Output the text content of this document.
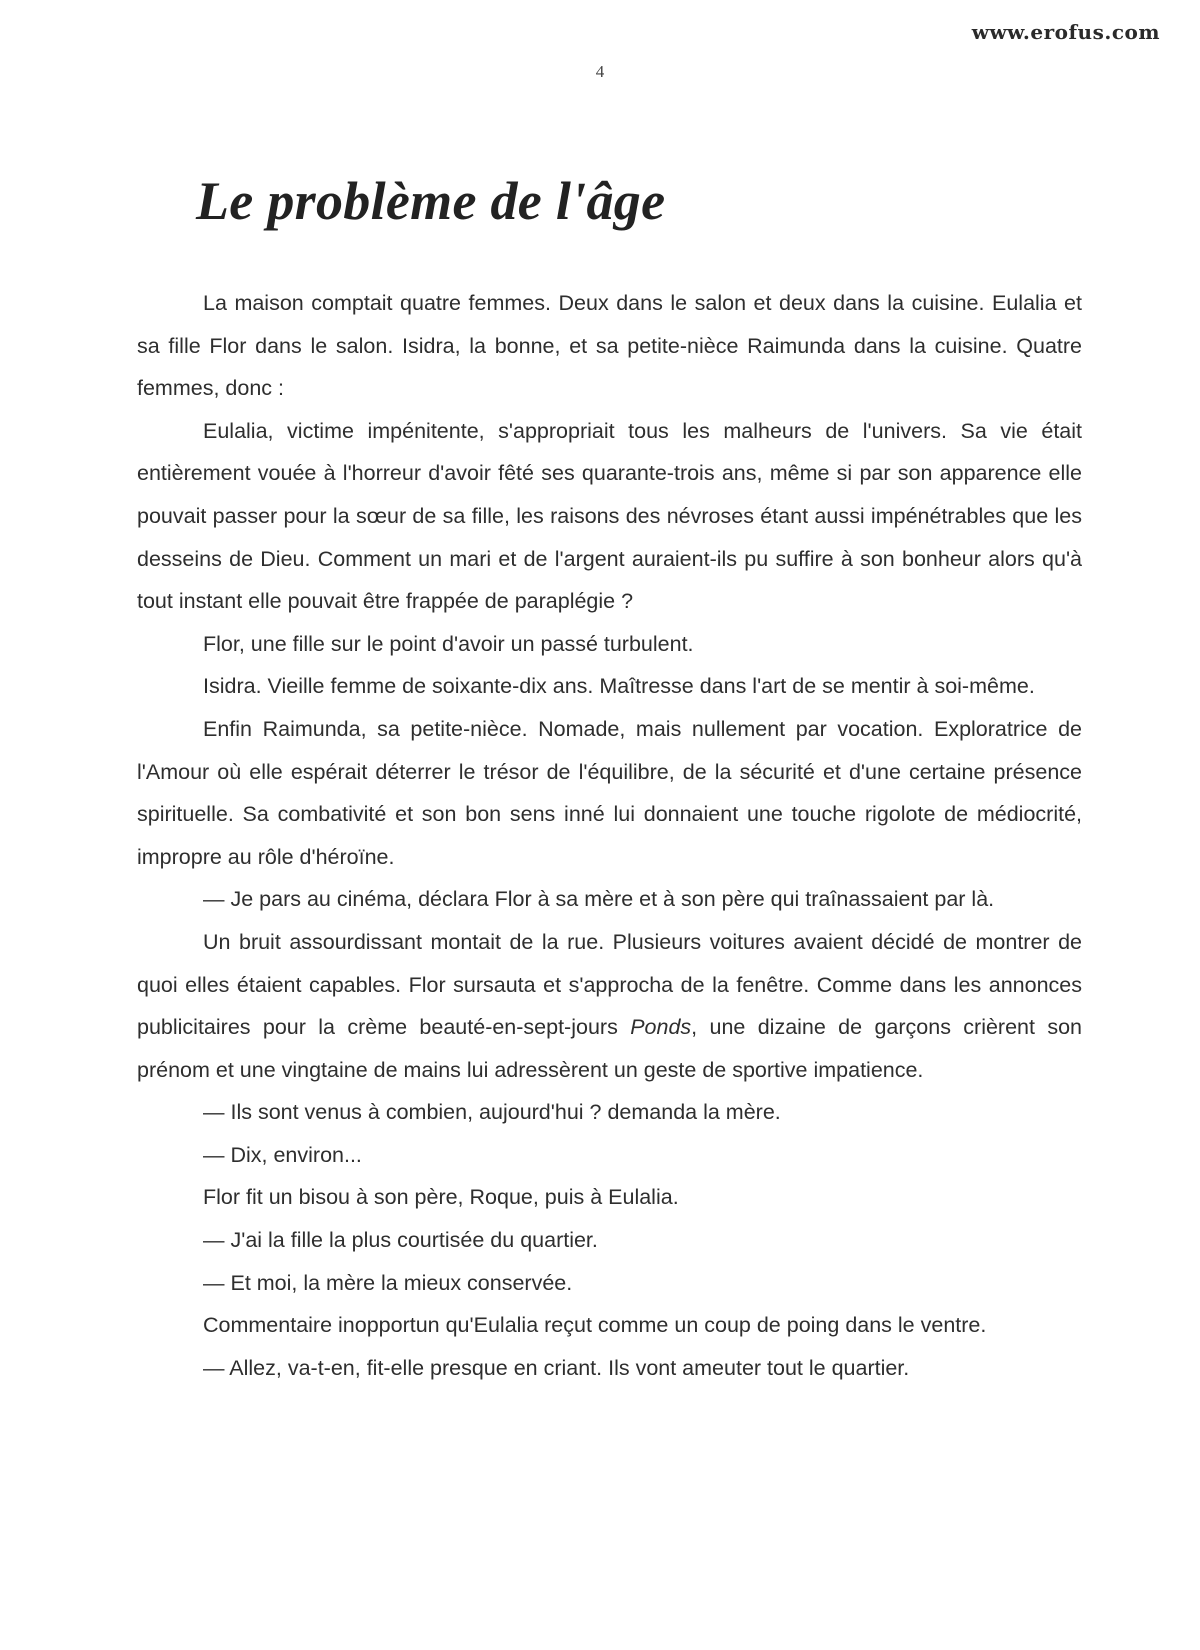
www.erofus.com
4
Le problème de l'âge

La maison comptait quatre femmes. Deux dans le salon et deux dans la cuisine. Eulalia et sa fille Flor dans le salon. Isidra, la bonne, et sa petite-nièce Raimunda dans la cuisine. Quatre femmes, donc :

Eulalia, victime impénitente, s'appropriait tous les malheurs de l'univers. Sa vie était entièrement vouée à l'horreur d'avoir fêté ses quarante-trois ans, même si par son apparence elle pouvait passer pour la sœur de sa fille, les raisons des névroses étant aussi impénétrables que les desseins de Dieu. Comment un mari et de l'argent auraient-ils pu suffire à son bonheur alors qu'à tout instant elle pouvait être frappée de paraplégie ?

Flor, une fille sur le point d'avoir un passé turbulent.

Isidra. Vieille femme de soixante-dix ans. Maîtresse dans l'art de se mentir à soi-même.

Enfin Raimunda, sa petite-nièce. Nomade, mais nullement par vocation. Exploratrice de l'Amour où elle espérait déterrer le trésor de l'équilibre, de la sécurité et d'une certaine présence spirituelle. Sa combativité et son bon sens inné lui donnaient une touche rigolote de médiocrité, impropre au rôle d'héroïne.

— Je pars au cinéma, déclara Flor à sa mère et à son père qui traînassaient par là.

Un bruit assourdissant montait de la rue. Plusieurs voitures avaient décidé de montrer de quoi elles étaient capables. Flor sursauta et s'approcha de la fenêtre. Comme dans les annonces publicitaires pour la crème beauté-en-sept-jours Ponds, une dizaine de garçons crièrent son prénom et une vingtaine de mains lui adressèrent un geste de sportive impatience.

— Ils sont venus à combien, aujourd'hui ? demanda la mère.

— Dix, environ...

Flor fit un bisou à son père, Roque, puis à Eulalia.

— J'ai la fille la plus courtisée du quartier.

— Et moi, la mère la mieux conservée.

Commentaire inopportun qu'Eulalia reçut comme un coup de poing dans le ventre.

— Allez, va-t-en, fit-elle presque en criant. Ils vont ameuter tout le quartier.
